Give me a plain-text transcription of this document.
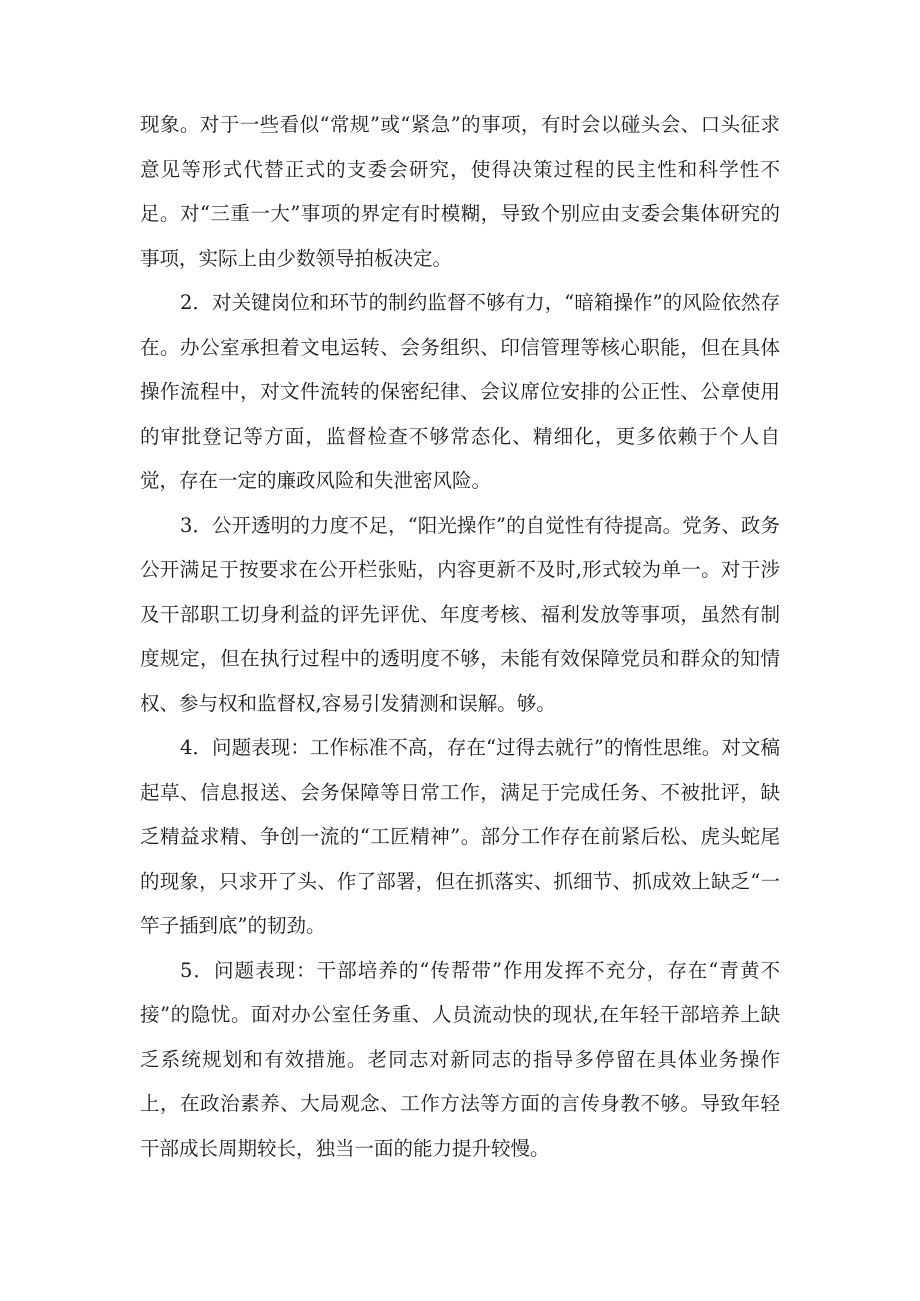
现象。对于一些看似“常规”或“紧急”的事项，有时会以碰头会、口头征求意见等形式代替正式的支委会研究，使得决策过程的民主性和科学性不足。对“三重一大”事项的界定有时模糊，导致个别应由支委会集体研究的事项，实际上由少数领导拍板决定。

2．对关键岗位和环节的制约监督不够有力，“暗箱操作”的风险依然存在。办公室承担着文电运转、会务组织、印信管理等核心职能，但在具体操作流程中，对文件流转的保密纪律、会议席位安排的公正性、公章使用的审批登记等方面，监督检查不够常态化、精细化，更多依赖于个人自觉，存在一定的廉政风险和失泄密风险。

3．公开透明的力度不足，“阳光操作”的自觉性有待提高。党务、政务公开满足于按要求在公开栏张贴，内容更新不及时,形式较为单一。对于涉及干部职工切身利益的评先评优、年度考核、福利发放等事项，虽然有制度规定，但在执行过程中的透明度不够，未能有效保障党员和群众的知情权、参与权和监督权,容易引发猜测和误解。够。

4．问题表现：工作标准不高，存在“过得去就行”的惰性思维。对文稿起草、信息报送、会务保障等日常工作，满足于完成任务、不被批评，缺乏精益求精、争创一流的“工匠精神”。部分工作存在前紧后松、虎头蛇尾的现象，只求开了头、作了部署，但在抓落实、抓细节、抓成效上缺乏“一竿子插到底”的韧劲。

5．问题表现：干部培养的“传帮带”作用发挥不充分，存在“青黄不接”的隐忧。面对办公室任务重、人员流动快的现状,在年轻干部培养上缺乏系统规划和有效措施。老同志对新同志的指导多停留在具体业务操作上，在政治素养、大局观念、工作方法等方面的言传身教不够。导致年轻干部成长周期较长，独当一面的能力提升较慢。
